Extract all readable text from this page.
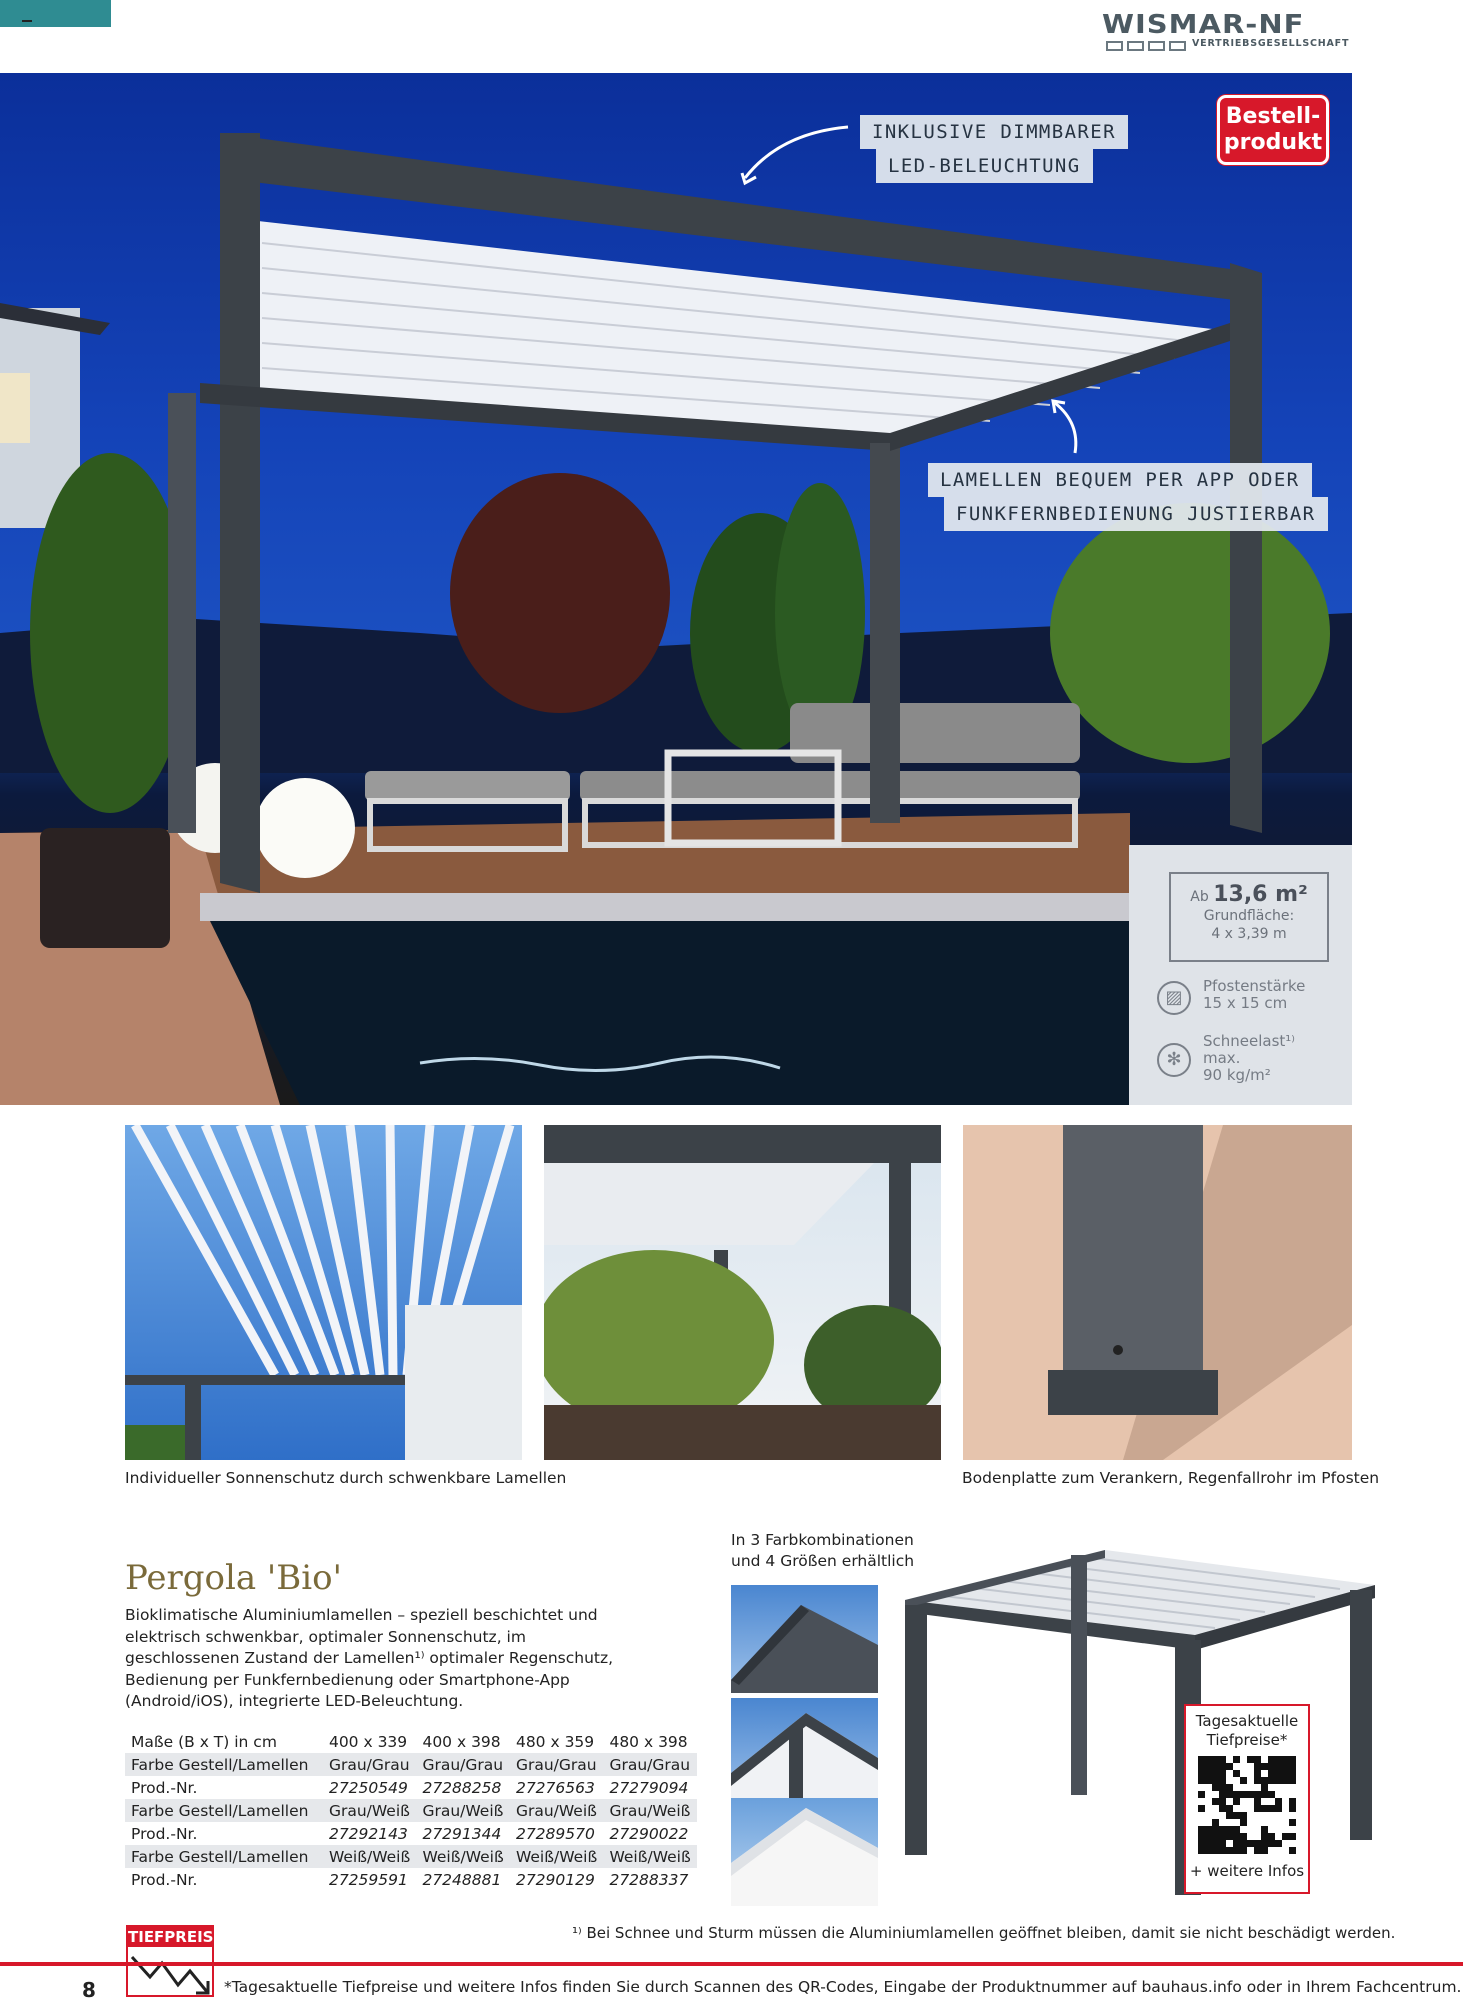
WISMAR-NF
VERTRIEBSGESELLSCHAFT
INKLUSIVE DIMMBARER
LED-BELEUCHTUNG
LAMELLEN BEQUEM PER APP ODER
FUNKFERNBEDIENUNG JUSTIERBAR
Bestell-
produkt
Ab 13,6 m²
Grundfläche:
4 x 3,39 m
▨
Pfostenstärke
15 x 15 cm
✻
Schneelast¹⁾
max.
90 kg/m²
Individueller Sonnenschutz durch schwenkbare Lamellen	Bodenplatte zum Verankern, Regenfallrohr im Pfosten
Pergola 'Bio'
Bioklimatische Aluminiumlamellen – speziell beschichtet und elektrisch schwenkbar, optimaler Sonnenschutz, im geschlossenen Zustand der Lamellen¹⁾ optimaler Regenschutz, Bedienung per Funkfernbedienung oder Smartphone-App (Android/iOS), integrierte LED-Beleuchtung.
Maße (B x T) in cm	400 x 339	400 x 398	480 x 359	480 x 398
Farbe Gestell/Lamellen	Grau/Grau	Grau/Grau	Grau/Grau	Grau/Grau
Prod.-Nr.	27250549	27288258	27276563	27279094
Farbe Gestell/Lamellen	Grau/Weiß	Grau/Weiß	Grau/Weiß	Grau/Weiß
Prod.-Nr.	27292143	27291344	27289570	27290022
Farbe Gestell/Lamellen	Weiß/Weiß	Weiß/Weiß	Weiß/Weiß	Weiß/Weiß
Prod.-Nr.	27259591	27248881	27290129	27288337
In 3 Farbkombinationen
und 4 Größen erhältlich
Tagesaktuelle
Tiefpreise*
+ weitere Infos
¹⁾ Bei Schnee und Sturm müssen die Aluminiumlamellen geöffnet bleiben, damit sie nicht beschädigt werden.
TIEFPREIS
8	*Tagesaktuelle Tiefpreise und weitere Infos finden Sie durch Scannen des QR-Codes, Eingabe der Produktnummer auf bauhaus.info oder in Ihrem Fachcentrum.
